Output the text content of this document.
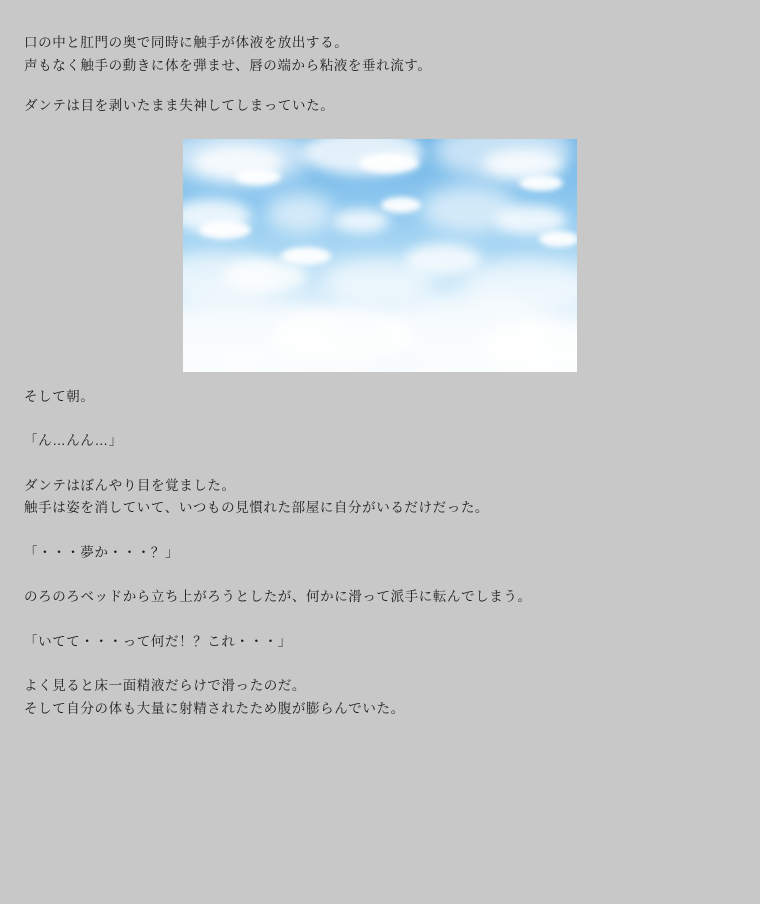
口の中と肛門の奥で同時に触手が体液を放出する。
声もなく触手の動きに体を弾ませ、唇の端から粘液を垂れ流す。
ダンテは目を剥いたまま失神してしまっていた。
そして朝。
「ん…んん…」
ダンテはぼんやり目を覚ました。
触手は姿を消していて、いつもの見慣れた部屋に自分がいるだけだった。
「・・・夢か・・・？」
のろのろベッドから立ち上がろうとしたが、何かに滑って派手に転んでしまう。
「いてて・・・って何だ！？これ・・・」
よく見ると床一面精液だらけで滑ったのだ。
そして自分の体も大量に射精されたため腹が膨らんでいた。
